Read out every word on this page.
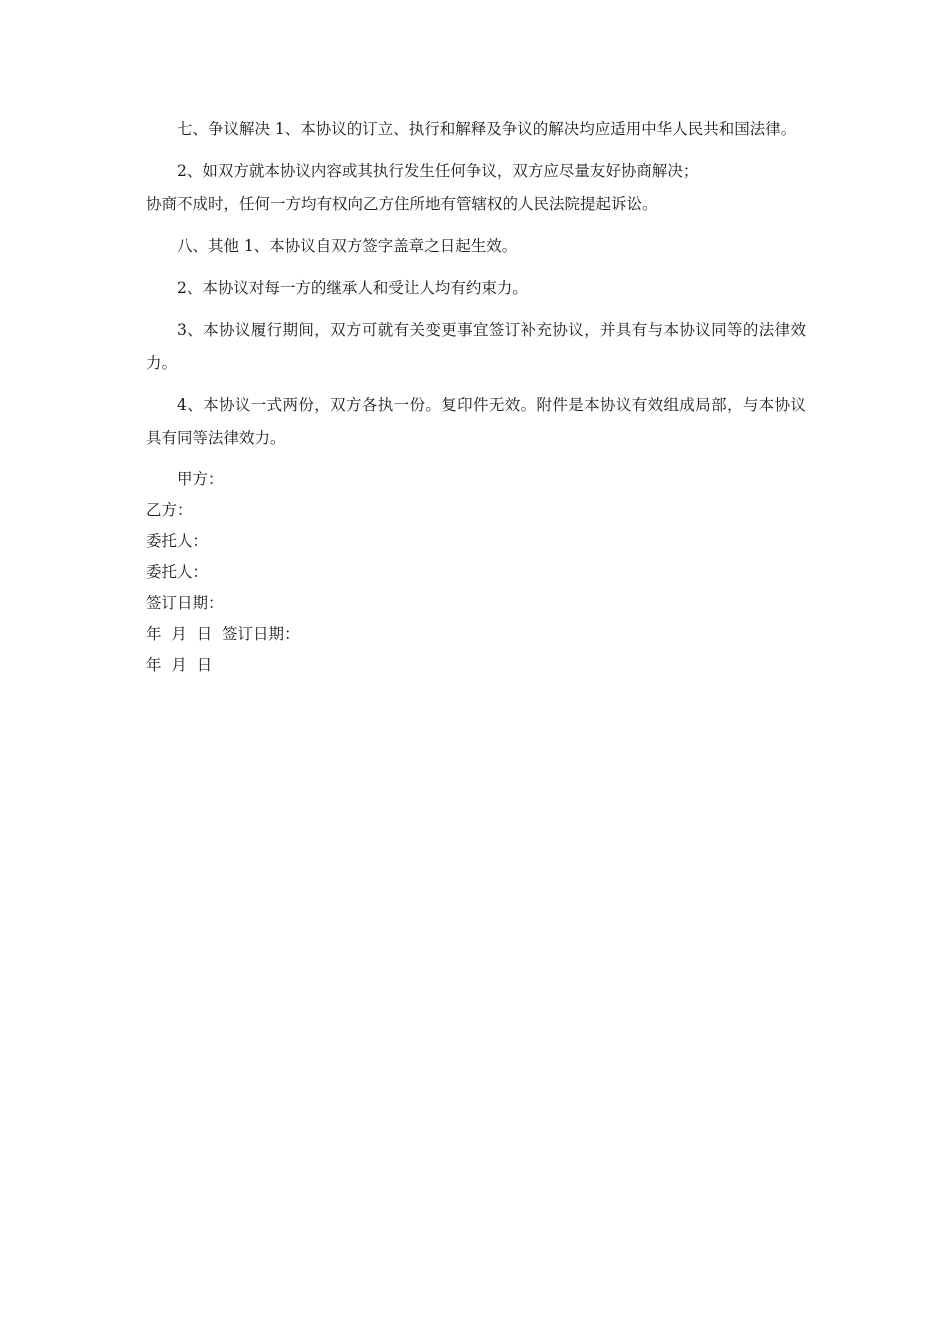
七、争议解决 1、本协议的订立、执行和解释及争议的解决均应适用中华人民共和国法律。

2、如双方就本协议内容或其执行发生任何争议，双方应尽量友好协商解决；
协商不成时，任何一方均有权向乙方住所地有管辖权的人民法院提起诉讼。

八、其他 1、本协议自双方签字盖章之日起生效。

2、本协议对每一方的继承人和受让人均有约束力。

3、本协议履行期间，双方可就有关变更事宜签订补充协议，并具有与本协议同等的法律效力。

4、本协议一式两份，双方各执一份。复印件无效。附件是本协议有效组成局部，与本协议具有同等法律效力。

甲方：
乙方：
委托人：
委托人：
签订日期：
年  月  日  签订日期：
年  月  日
